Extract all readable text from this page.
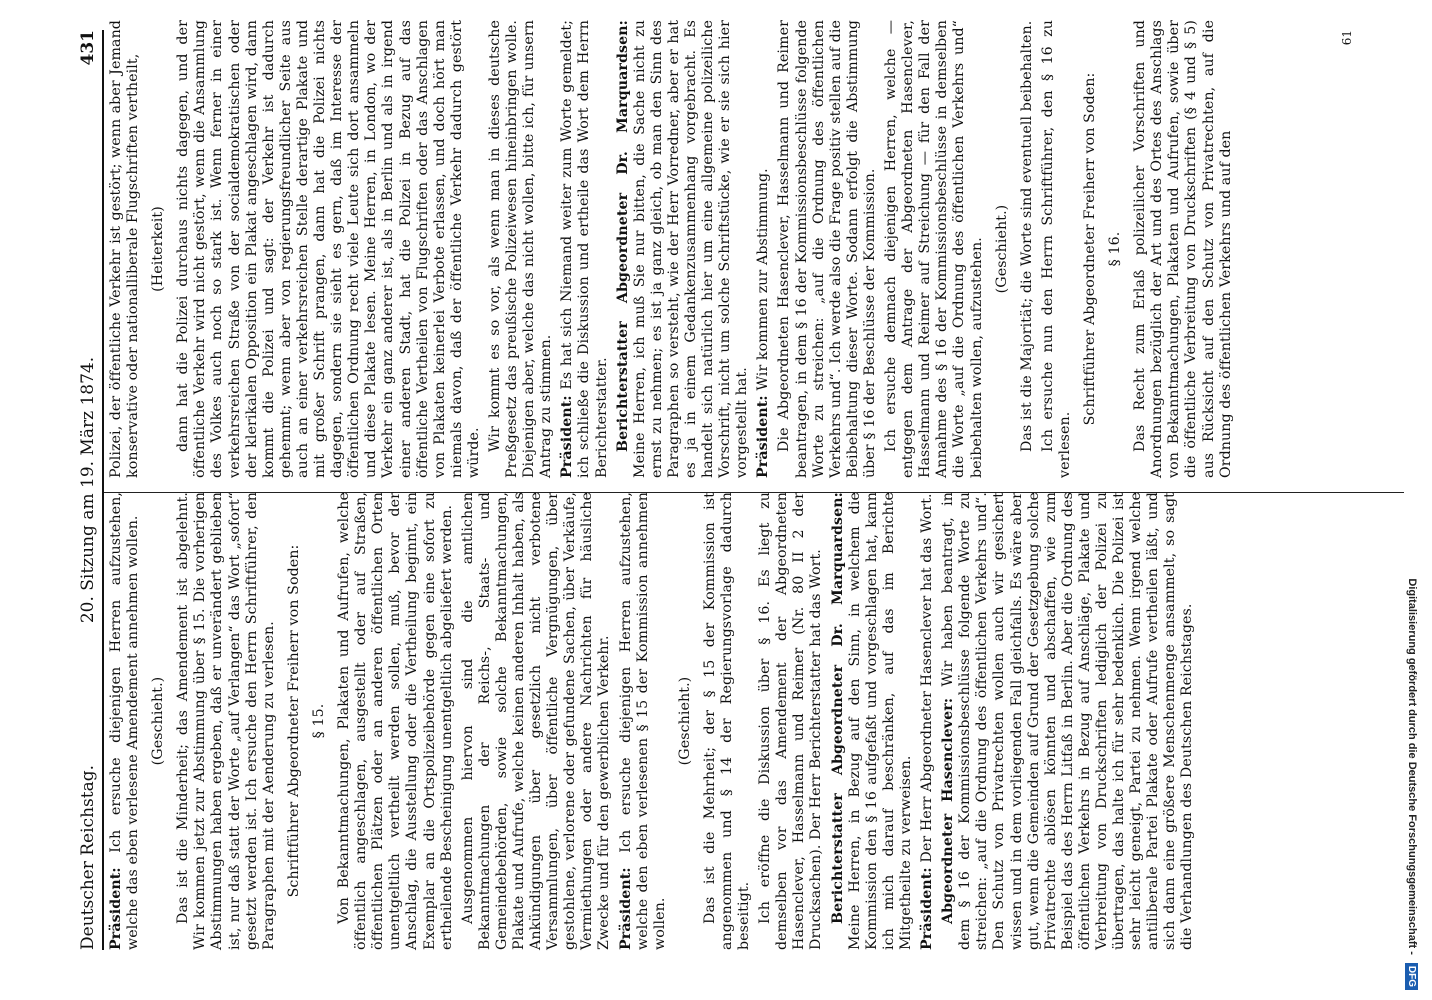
Deutscher Reichstag.
20. Sitzung am 19. März 1874.
431

Präsident: Ich ersuche diejenigen Herren aufzustehen, welche das eben verlesene Amendement annehmen wollen. (Geschieht.) Das ist die Minderheit; das Amendement ist abgelehnt. Wir kommen jetzt zur Abstimmung über § 15. Die vorherigen Abstimmungen haben ergeben, daß er unverändert geblieben ist, nur daß statt der Worte „auf Verlangen“ das Wort „sofort“ gesetzt werden ist. Ich ersuche den Herrn Schriftführer, den Paragraphen mit der Aenderung zu verlesen. Schriftführer Abgeordneter Freiherr von Soden: § 15. Von Bekanntmachungen, Plakaten und Aufrufen, welche öffentlich angeschlagen, ausgestellt oder auf Straßen, öffentlichen Plätzen oder an anderen öffentlichen Orten unentgeltlich vertheilt werden sollen, muß, bevor der Anschlag, die Ausstellung oder die Vertheilung beginnt, ein Exemplar an die Ortspolizeibehörde gegen eine sofort zu ertheilende Bescheinigung unentgeltlich abgeliefert werden. Ausgenommen hiervon sind die amtlichen Bekanntmachungen der Reichs-, Staats- und Gemeindebehörden, sowie solche Bekanntmachungen, Plakate und Aufrufe, welche keinen anderen Inhalt haben, als Ankündigungen über gesetzlich nicht verbotene Versammlungen, über öffentliche Vergnügungen, über gestohlene, verlorene oder gefundene Sachen, über Verkäufe, Vermiethungen oder andere Nachrichten für häusliche Zwecke und für den gewerblichen Verkehr. Präsident: Ich ersuche diejenigen Herren aufzustehen, welche den eben verlesenen § 15 der Kommission annehmen wollen.

(Geschieht.) Das ist die Mehrheit; der § 15 der Kommission ist angenommen und § 14 der Regierungsvorlage dadurch beseitigt. Ich eröffne die Diskussion über § 16. Es liegt zu demselben vor das Amendement der Abgeordneten Hasenclever, Hasselmann und Reimer (Nr. 80 II 2 der Drucksachen). Der Herr Berichterstatter hat das Wort. Berichterstatter Abgeordneter Dr. Marquardsen: Meine Herren, in Bezug auf den Sinn, in welchem die Kommission den § 16 aufgefaßt und vorgeschlagen hat, kann ich mich darauf beschränken, auf das im Berichte Mitgetheilte zu verweisen. Präsident: Der Herr Abgeordneter Hasenclever hat das Wort. Abgeordneter Hasenclever: Wir haben beantragt, in dem § 16 der Kommissionsbeschlüsse folgende Worte zu streichen: „auf die Ordnung des öffentlichen Verkehrs und“. Den Schutz von Privatrechten wollen auch wir gesichert wissen und in dem vorliegenden Fall gleichfalls. Es wäre aber gut, wenn die Gemeinden auf Grund der Gesetzgebung solche Privatrechte ablösen könnten und abschaffen, wie zum Beispiel das des Herrn Litfaß in Berlin. Aber die Ordnung des öffentlichen Verkehrs in Bezug auf Anschläge, Plakate und Verbreitung von Druckschriften lediglich der Polizei zu übertragen, das halte ich für sehr bedenklich. Die Polizei ist sehr leicht geneigt, Partei zu nehmen. Wenn irgend welche antiliberale Partei Plakate oder Aufrufe vertheilen läßt, und sich dann eine größere Menschenmenge ansammelt, so sagt die Verhandlungen des Deutschen Reichstages.

Polizei, der öffentliche Verkehr ist gestört; wenn aber Jemand konservative oder nationalliberale Flugschriften vertheilt, (Heiterkeit) dann hat die Polizei durchaus nichts dagegen, und der öffentliche Verkehr wird nicht gestört, wenn die Ansammlung des Volkes auch noch so stark ist. Wenn ferner in einer verkehrsreichen Straße von der socialdemokratischen oder der klerikalen Opposition ein Plakat angeschlagen wird, dann kommt die Polizei und sagt: der Verkehr ist dadurch gehemmt; wenn aber von regierungsfreundlicher Seite aus auch an einer verkehrsreichen Stelle derartige Plakate und mit großer Schrift prangen, dann hat die Polizei nichts dagegen, sondern sie sieht es gern, daß im Interesse der öffentlichen Ordnung recht viele Leute sich dort ansammeln und diese Plakate lesen. Meine Herren, in London, wo der Verkehr ein ganz anderer ist, als in Berlin und als in irgend einer anderen Stadt, hat die Polizei in Bezug auf das öffentliche Vertheilen von Flugschriften oder das Anschlagen von Plakaten keinerlei Verbote erlassen, und doch hört man niemals davon, daß der öffentliche Verkehr dadurch gestört würde.

Wir kommt es so vor, als wenn man in dieses deutsche Preßgesetz das preußische Polizeiwesen hineinbringen wolle. Diejenigen aber, welche das nicht wollen, bitte ich, für unsern Antrag zu stimmen. Präsident: Es hat sich Niemand weiter zum Worte gemeldet; ich schließe die Diskussion und ertheile das Wort dem Herrn Berichterstatter. Berichterstatter Abgeordneter Dr. Marquardsen: Meine Herren, ich muß Sie nur bitten, die Sache nicht zu ernst zu nehmen; es ist ja ganz gleich, ob man den Sinn des Paragraphen so versteht, wie der Herr Vorredner, aber er hat es ja in einem Gedankenzusammenhang vorgebracht. Es handelt sich natürlich hier um eine allgemeine polizeiliche Vorschrift, nicht um solche Schriftstücke, wie er sie sich hier vorgestellt hat. Präsident: Wir kommen zur Abstimmung. Die Abgeordneten Hasenclever, Hasselmann und Reimer beantragen, in dem § 16 der Kommissionsbeschlüsse folgende Worte zu streichen: „auf die Ordnung des öffentlichen Verkehrs und“. Ich werde also die Frage positiv stellen auf die Beibehaltung dieser Worte. Sodann erfolgt die Abstimmung über § 16 der Beschlüsse der Kommission. Ich ersuche demnach diejenigen Herren, welche — entgegen dem Antrage der Abgeordneten Hasenclever, Hasselmann und Reimer auf Streichung — für den Fall der Annahme des § 16 der Kommissionsbeschlüsse in demselben die Worte „auf die Ordnung des öffentlichen Verkehrs und“ beibehalten wollen, aufzustehen. (Geschieht.) Das ist die Majorität; die Worte sind eventuell beibehalten. Ich ersuche nun den Herrn Schriftführer, den § 16 zu verlesen.

Schriftführer Abgeordneter Freiherr von Soden: § 16. Das Recht zum Erlaß polizeilicher Vorschriften und Anordnungen bezüglich der Art und des Ortes des Anschlags von Bekanntmachungen, Plakaten und Aufrufen, sowie über die öffentliche Verbreitung von Druckschriften (§ 4 und § 5) aus Rücksicht auf den Schutz von Privatrechten, auf die Ordnung des öffentlichen Verkehrs und auf den

61
Digitalisierung gefördert durch die Deutsche Forschungsgemeinschaft -
DFG
